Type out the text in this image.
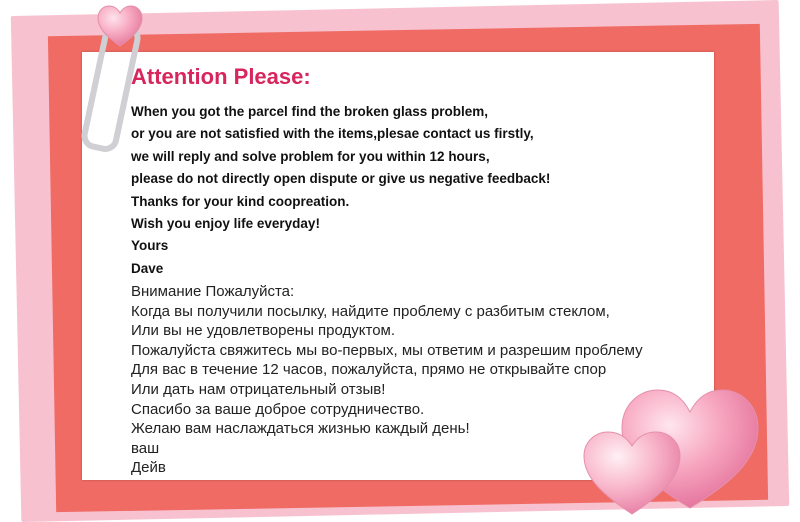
Attention Please:
When you got the parcel find the broken glass problem,
or you are not satisfied with the items,plesae contact us firstly,
we will reply and solve problem for you within 12 hours,
please do not directly open dispute or give us negative feedback!
Thanks for your kind coopreation.
Wish you enjoy life everyday!
Yours
Dave
Внимание Пожалуйста:
Когда вы получили посылку, найдите проблему с разбитым стеклом,
Или вы не удовлетворены продуктом.
Пожалуйста свяжитесь мы во-первых, мы ответим и разрешим проблему
Для вас в течение 12 часов, пожалуйста, прямо не открывайте спор
Или дать нам отрицательный отзыв!
Спасибо за ваше доброе сотрудничество.
Желаю вам наслаждаться жизнью каждый день!
ваш
Дейв
